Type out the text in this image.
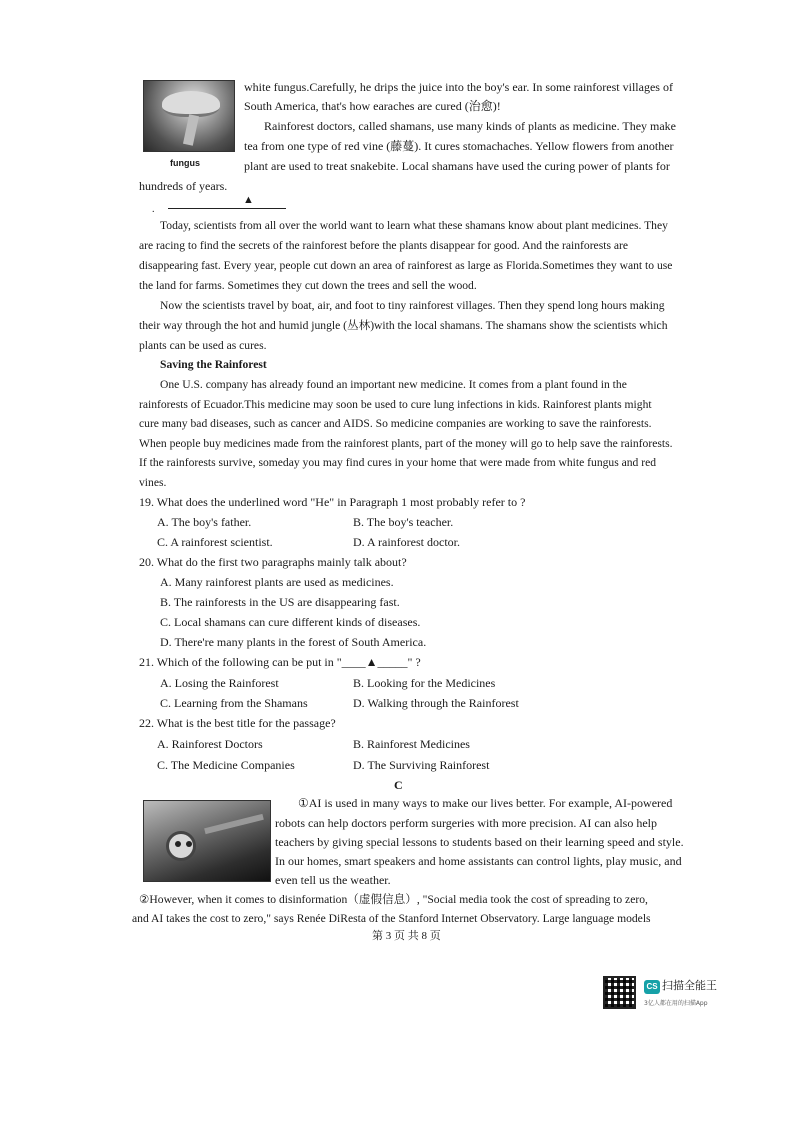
fungus
white fungus.Carefully, he drips the juice into the boy's ear. In some rainforest villages of
South America, that's how earaches are cured (治愈)!
Rainforest doctors, called shamans, use many kinds of plants as medicine. They make
tea from one type of red vine (藤蔓). It cures stomachaches. Yellow flowers from another
plant are used to treat snakebite. Local shamans have used the curing power of plants for
hundreds of years.
.
▲
Today, scientists from all over the world want to learn what these shamans know about plant medicines. They
are racing to find the secrets of the rainforest before the plants disappear for good. And the rainforests are
disappearing fast. Every year, people cut down an area of rainforest as large as Florida.Sometimes they want to use
the land for farms. Sometimes they cut down the trees and sell the wood.
Now the scientists travel by boat, air, and foot to tiny rainforest villages. Then they spend long hours making
their way through the hot and humid jungle (丛林)with the local shamans. The shamans show the scientists which
plants can be used as cures.
Saving the Rainforest
One U.S. company has already found an important new medicine. It comes from a plant found in the
rainforests of Ecuador.This medicine may soon be used to cure lung infections in kids. Rainforest plants might
cure many bad diseases, such as cancer and AIDS. So medicine companies are working to save the rainforests.
When people buy medicines made from the rainforest plants, part of the money will go to help save the rainforests.
If the rainforests survive, someday you may find cures in your home that were made from white fungus and red
vines.
19. What does the underlined word "He" in Paragraph 1 most probably refer to ?
A. The boy's father.	B. The boy's teacher.
C. A rainforest scientist.	D. A rainforest doctor.
20. What do the first two paragraphs mainly talk about?
A. Many rainforest plants are used as medicines.
B. The rainforests in the US are disappearing fast.
C. Local shamans can cure different kinds of diseases.
D. There're many plants in the forest of South America.
21. Which of the following can be put in "____▲_____" ?
A. Losing the Rainforest	B. Looking for the Medicines
C. Learning from the Shamans	D. Walking through the Rainforest
22. What is the best title for the passage?
A. Rainforest Doctors	B. Rainforest Medicines
C. The Medicine Companies	D. The Surviving Rainforest
C
①AI is used in many ways to make our lives better. For example, AI-powered
robots can help doctors perform surgeries with more precision. AI can also help
teachers by giving special lessons to students based on their learning speed and style.
In our homes, smart speakers and home assistants can control lights, play music, and
even tell us the weather.
②However, when it comes to disinformation（虚假信息）, "Social media took the cost of spreading to zero,
and AI takes the cost to zero," says Renée DiResta of the Stanford Internet Observatory. Large language models
第 3 页 共 8 页
CS 扫描全能王
3亿人都在用的扫描App
